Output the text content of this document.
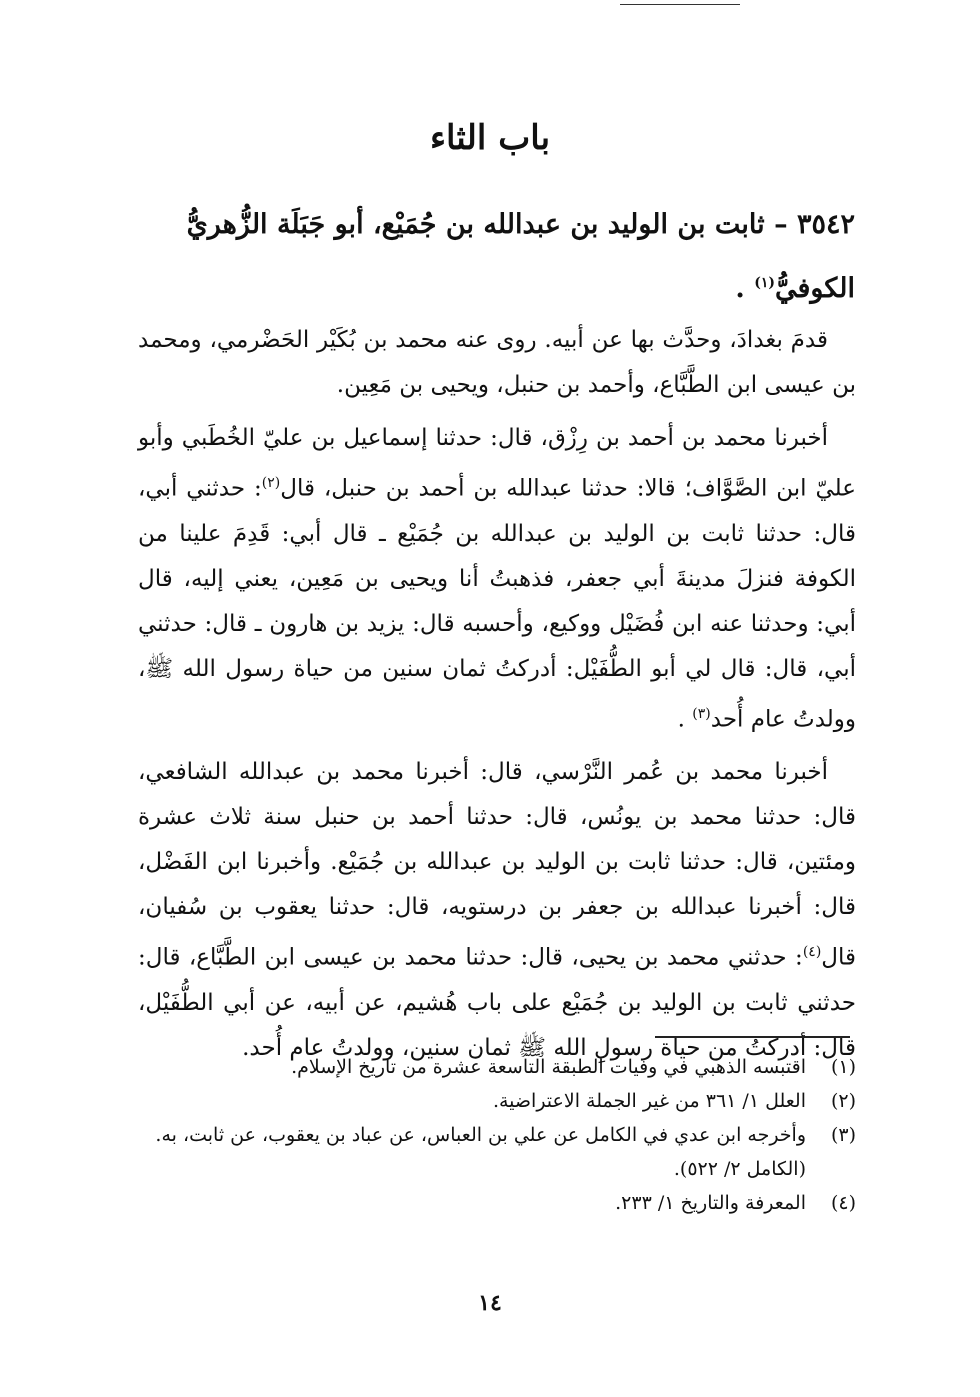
باب الثاء
٣٥٤٢ – ثابت بن الوليد بن عبدالله بن جُمَيْع، أبو جَبَلَة الزُّهريُّ الكوفيُّ$^{(١)}$ .

قدمَ بغدادَ، وحدَّث بها عن أبيه. روى عنه محمد بن بُكَيْر الحَضْرمي، ومحمد بن عيسى ابن الطَّبَّاع، وأحمد بن حنبل، ويحيى بن مَعِين.

أخبرنا محمد بن أحمد بن رِزْق، قال: حدثنا إسماعيل بن عليّ الخُطَبي وأبو عليّ ابن الصَّوَّاف؛ قالا: حدثنا عبدالله بن أحمد بن حنبل، قال$^{(٢)}$: حدثني أبي، قال: حدثنا ثابت بن الوليد بن عبدالله بن جُمَيْع ـ قال أبي: قَدِمَ علينا من الكوفة فنزلَ مدينةَ أبي جعفر، فذهبتُ أنا ويحيى بن مَعِين، يعني إليه، قال أبي: وحدثنا عنه ابن فُضَيْل ووكيع، وأحسبه قال: يزيد بن هارون ـ قال: حدثني أبي، قال: قال لي أبو الطُّفَيْل: أدركتُ ثمان سنين من حياة رسول الله ﷺ، وولدتُ عام أُحد$^{(٣)}$ .

أخبرنا محمد بن عُمر النَّرْسي، قال: أخبرنا محمد بن عبدالله الشافعي، قال: حدثنا محمد بن يونُس، قال: حدثنا أحمد بن حنبل سنة ثلاث عشرة ومئتين، قال: حدثنا ثابت بن الوليد بن عبدالله بن جُمَيْع. وأخبرنا ابن الفَضْل، قال: أخبرنا عبدالله بن جعفر بن درستويه، قال: حدثنا يعقوب بن سُفيان، قال$^{(٤)}$: حدثني محمد بن يحيى، قال: حدثنا محمد بن عيسى ابن الطَّبَّاع، قال: حدثني ثابت بن الوليد بن جُمَيْع على باب هُشيم، عن أبيه، عن أبي الطُّفَيْل، قال: أدركتُ من حياة رسولِ الله ﷺ ثمان سنين، وولدتُ عام أُحد.

(١)
اقتبسه الذهبي في وفيات الطبقة التاسعة عشرة من تاريخ الإسلام.
(٢)
العلل ١/ ٣٦١ من غير الجملة الاعتراضية.
(٣)
وأخرجه ابن عدي في الكامل عن علي بن العباس، عن عباد بن يعقوب، عن ثابت، به. (الكامل ٢/ ٥٢٢).
(٤)
المعرفة والتاريخ ١/ ٢٣٣.
١٤
